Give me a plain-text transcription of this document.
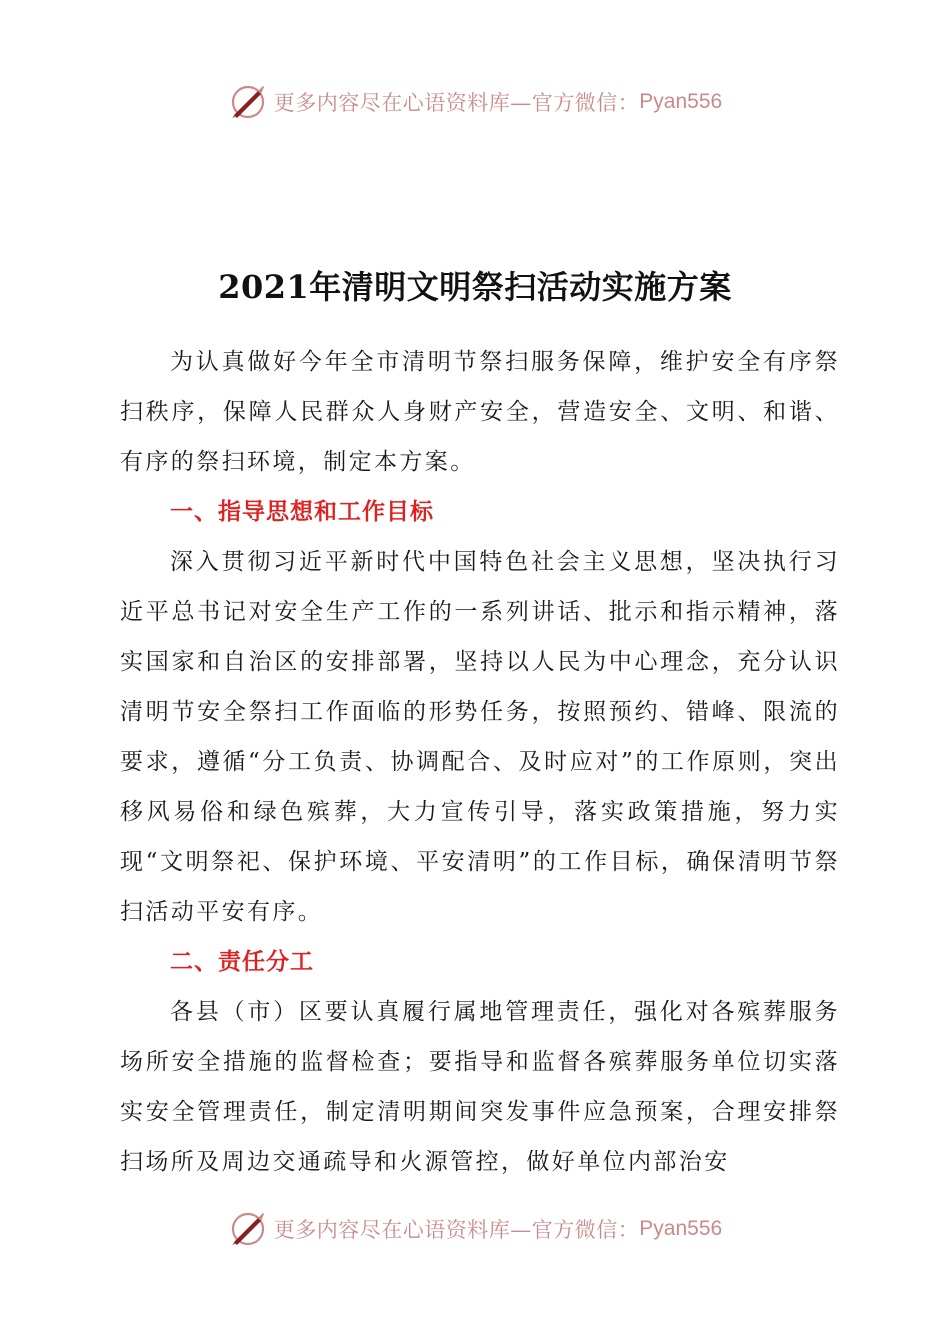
更多内容尽在心语资料库—官方微信： Pyan556
2021年清明文明祭扫活动实施方案

为认真做好今年全市清明节祭扫服务保障，维护安全有序祭扫秩序，保障人民群众人身财产安全，营造安全、文明、和谐、有序的祭扫环境，制定本方案。

一、指导思想和工作目标

深入贯彻习近平新时代中国特色社会主义思想，坚决执行习近平总书记对安全生产工作的一系列讲话、批示和指示精神，落实国家和自治区的安排部署，坚持以人民为中心理念，充分认识清明节安全祭扫工作面临的形势任务，按照预约、错峰、限流的要求，遵循“分工负责、协调配合、及时应对”的工作原则，突出移风易俗和绿色殡葬，大力宣传引导，落实政策措施，努力实现“文明祭祀、保护环境、平安清明”的工作目标，确保清明节祭扫活动平安有序。

二、责任分工

各县（市）区要认真履行属地管理责任，强化对各殡葬服务场所安全措施的监督检查；要指导和监督各殡葬服务单位切实落实安全管理责任，制定清明期间突发事件应急预案，合理安排祭扫场所及周边交通疏导和火源管控，做好单位内部治安

更多内容尽在心语资料库—官方微信： Pyan556
